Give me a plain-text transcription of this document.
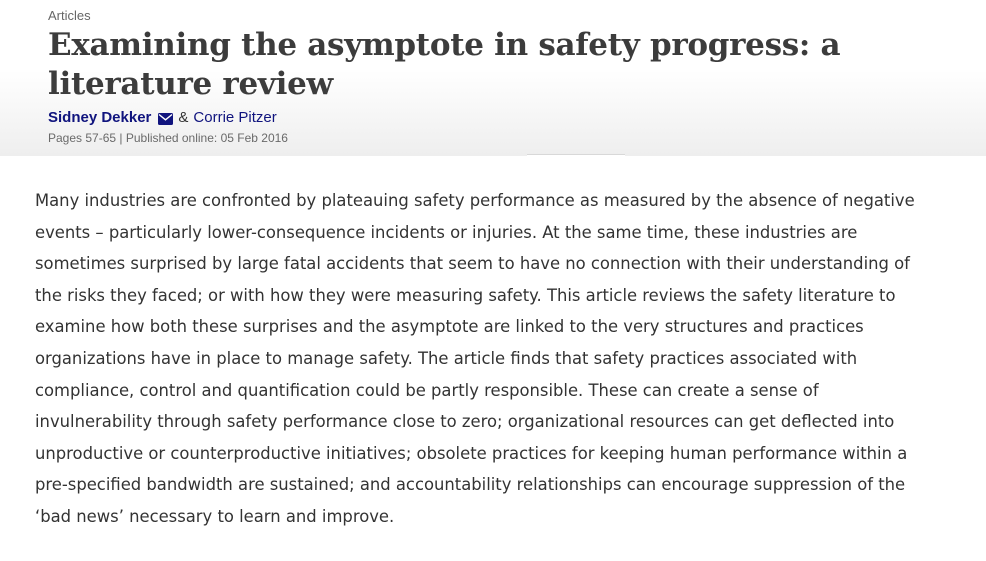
Articles
Examining the asymptote in safety progress: a literature review
Sidney Dekker & Corrie Pitzer
Pages 57-65 | Published online: 05 Feb 2016

Many industries are confronted by plateauing safety performance as measured by the absence of negative events – particularly lower-consequence incidents or injuries. At the same time, these industries are sometimes surprised by large fatal accidents that seem to have no connection with their understanding of the risks they faced; or with how they were measuring safety. This article reviews the safety literature to examine how both these surprises and the asymptote are linked to the very structures and practices organizations have in place to manage safety. The article finds that safety practices associated with compliance, control and quantification could be partly responsible. These can create a sense of invulnerability through safety performance close to zero; organizational resources can get deflected into unproductive or counterproductive initiatives; obsolete practices for keeping human performance within a pre-specified bandwidth are sustained; and accountability relationships can encourage suppression of the ‘bad news’ necessary to learn and improve.
